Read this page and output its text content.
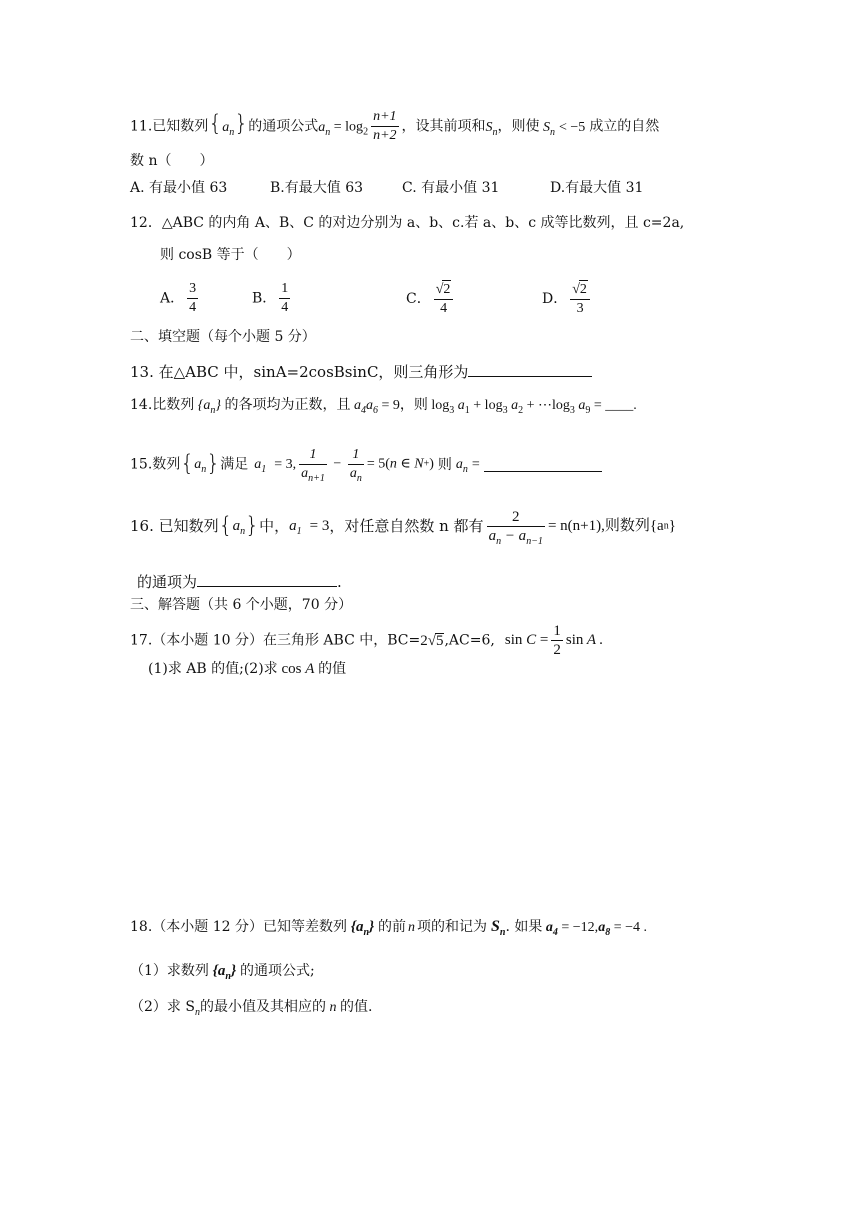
11.已知数列$\{a_n\}$的通项公式$a_n = \log_2 \frac{n+1}{n+2}$ ，设其前项和$S_n$，则使 $S_n < -5$ 成立的自然
数 n（　　）
A. 有最小值 63	B.有最大值 63	C. 有最小值 31	D.有最大值 31
12．△ABC 的内角 A、B、C 的对边分别为 a、b、c.若 a、b、c 成等比数列，且 c=2a,
则 cosB 等于（　　）
A． $\frac{3}{4}$	B． $\frac{1}{4}$	C． $\frac{√2}{4}$	D． $\frac{√2}{3}$
二、填空题（每个小题 5 分）
13. 在△ABC 中，sinA=2cosBsinC，则三角形为
14.比数列 $\{a_n\}$ 的各项均为正数，且 $a_4a_6 = 9$，则 $\log_3 a_1 + \log_3 a_2$ + $\cdots\log_3$ $a_9$ = ____.
15.数列$\{a_n\}$满足 $a_1 = 3$, $\frac{1}{a_{n+1}} - \frac{1}{a_n} = 5(n$ ∈ N+) 则 $a_n$ =
16. 已知数列$\{a_n\}$中，$a_1 = 3$，对任意自然数 n 都有 $\frac{2}{a_n - a_{n-1}} = n(n+1)$,则数列{an}
的通项为	.
三、解答题（共 6 个小题，70 分）
17.（本小题 10 分）在三角形 ABC 中，BC=2√5,AC=6, $\sin C = \frac{1}{2}$ sin A .
(1)求 AB 的值;(2)求 cos A 的值
18.（本小题 12 分）已知等差数列 $\{a_n\}$ 的前 n 项的和记为 $S_n$. 如果 $a_4 = -12,a_8 = -4$ .
（1）求数列 $\{a_n\}$ 的通项公式;
（2）求 $S_n$的最小值及其相应的 n 的值.
